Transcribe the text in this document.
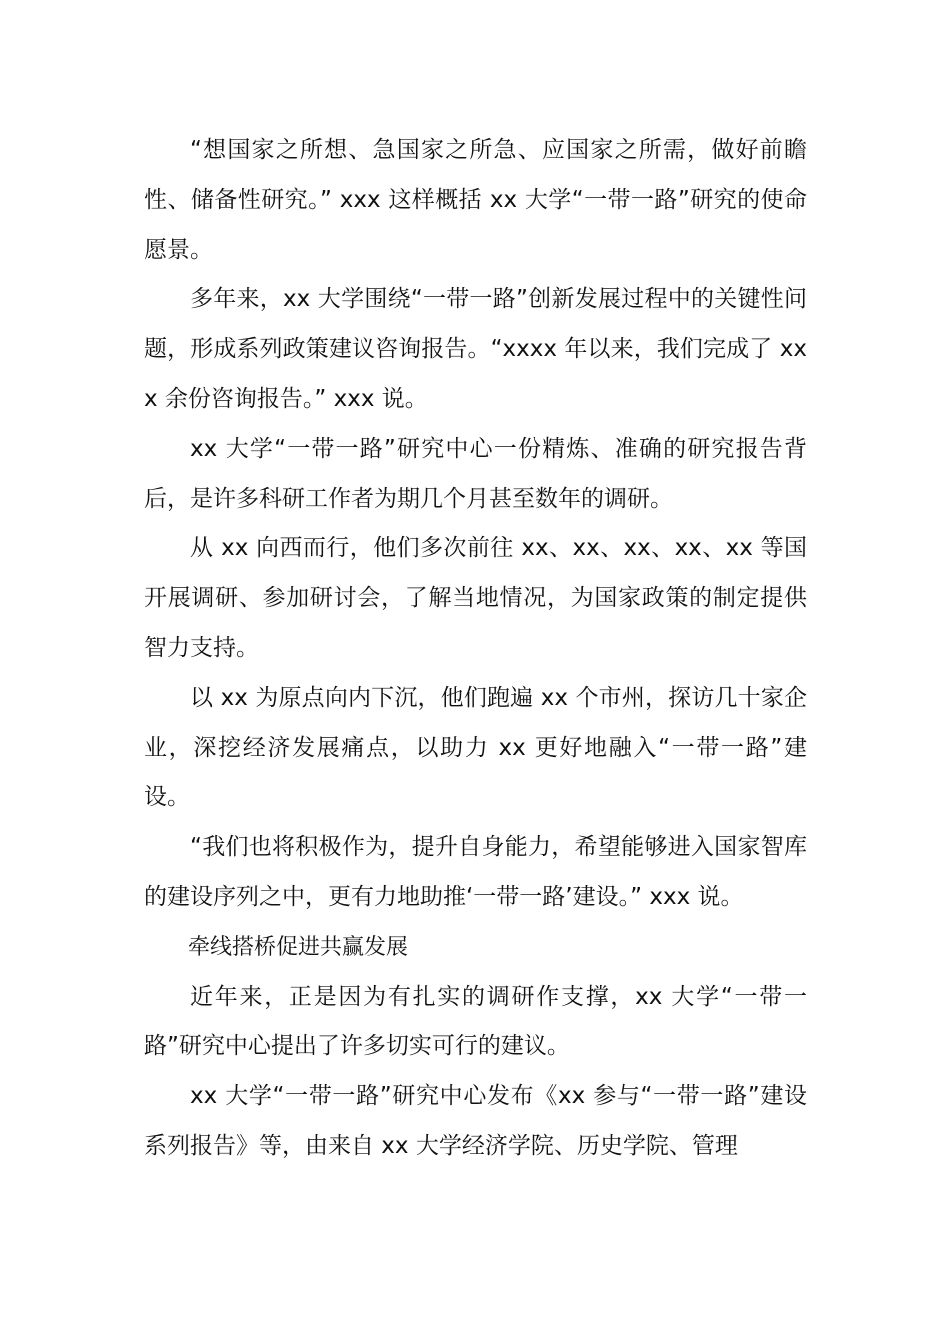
“想国家之所想、急国家之所急、应国家之所需，做好前瞻性、储备性研究。” xxx 这样概括 xx 大学“一带一路”研究的使命愿景。

多年来，xx 大学围绕“一带一路”创新发展过程中的关键性问题，形成系列政策建议咨询报告。“xxxx 年以来，我们完成了 xxx 余份咨询报告。” xxx 说。

xx 大学“一带一路”研究中心一份精炼、准确的研究报告背后，是许多科研工作者为期几个月甚至数年的调研。

从 xx 向西而行，他们多次前往 xx、xx、xx、xx、xx 等国开展调研、参加研讨会，了解当地情况，为国家政策的制定提供智力支持。

以 xx 为原点向内下沉，他们跑遍 xx 个市州，探访几十家企业，深挖经济发展痛点，以助力 xx 更好地融入“一带一路”建设。

“我们也将积极作为，提升自身能力，希望能够进入国家智库的建设序列之中，更有力地助推‘一带一路’建设。” xxx 说。

牵线搭桥促进共赢发展

近年来，正是因为有扎实的调研作支撑，xx 大学“一带一路”研究中心提出了许多切实可行的建议。

xx 大学“一带一路”研究中心发布《xx 参与“一带一路”建设系列报告》等，由来自 xx 大学经济学院、历史学院、管理
